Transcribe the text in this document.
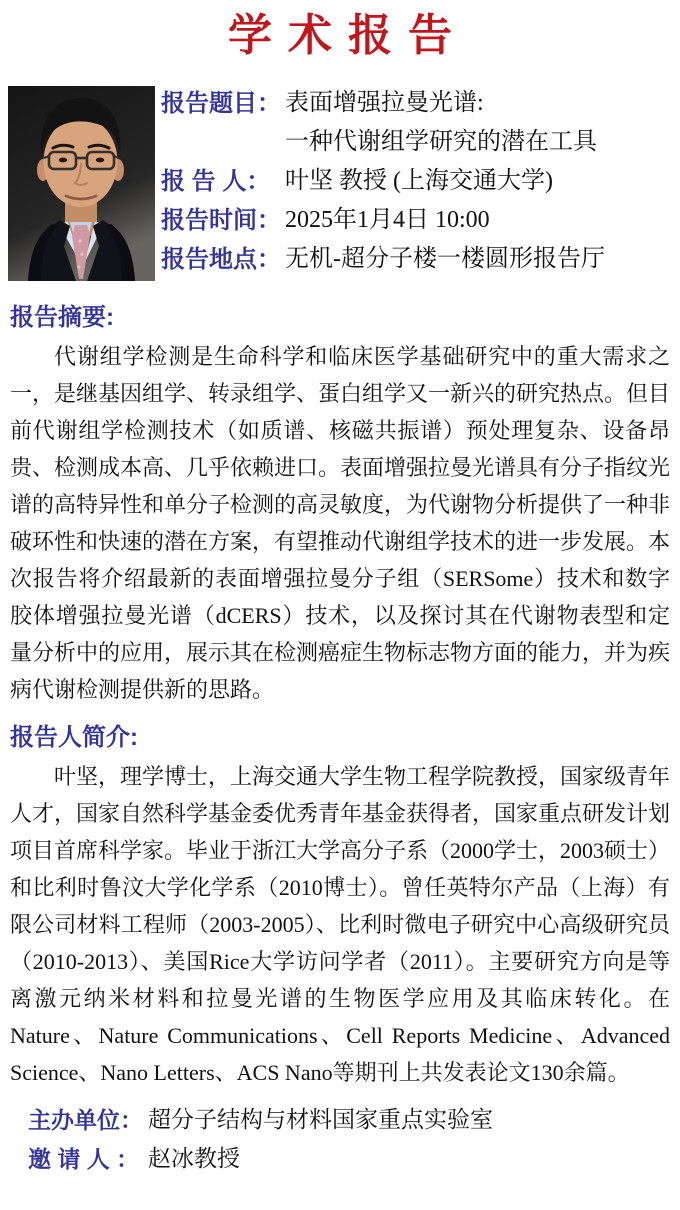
学术报告
报告题目： 表面增强拉曼光谱:
一种代谢组学研究的潜在工具
报 告 人： 叶坚 教授 (上海交通大学)
报告时间： 2025年1月4日 10:00
报告地点： 无机-超分子楼一楼圆形报告厅
报告摘要:

代谢组学检测是生命科学和临床医学基础研究中的重大需求之一，是继基因组学、转录组学、蛋白组学又一新兴的研究热点。但目前代谢组学检测技术（如质谱、核磁共振谱）预处理复杂、设备昂贵、检测成本高、几乎依赖进口。表面增强拉曼光谱具有分子指纹光谱的高特异性和单分子检测的高灵敏度，为代谢物分析提供了一种非破环性和快速的潜在方案，有望推动代谢组学技术的进一步发展。本次报告将介绍最新的表面增强拉曼分子组（SERSome）技术和数字胶体增强拉曼光谱（dCERS）技术，以及探讨其在代谢物表型和定量分析中的应用，展示其在检测癌症生物标志物方面的能力，并为疾病代谢检测提供新的思路。

报告人简介:

叶坚，理学博士，上海交通大学生物工程学院教授，国家级青年人才，国家自然科学基金委优秀青年基金获得者，国家重点研发计划项目首席科学家。毕业于浙江大学高分子系（2000学士，2003硕士）和比利时鲁汶大学化学系（2010博士）。曾任英特尔产品（上海）有限公司材料工程师（2003-2005）、比利时微电子研究中心高级研究员（2010-2013）、美国Rice大学访问学者（2011）。主要研究方向是等离激元纳米材料和拉曼光谱的生物医学应用及其临床转化。在Nature、Nature Communications、Cell Reports Medicine、Advanced Science、Nano Letters、ACS Nano等期刊上共发表论文130余篇。

主办单位： 超分子结构与材料国家重点实验室
邀 请 人 ： 赵冰教授
